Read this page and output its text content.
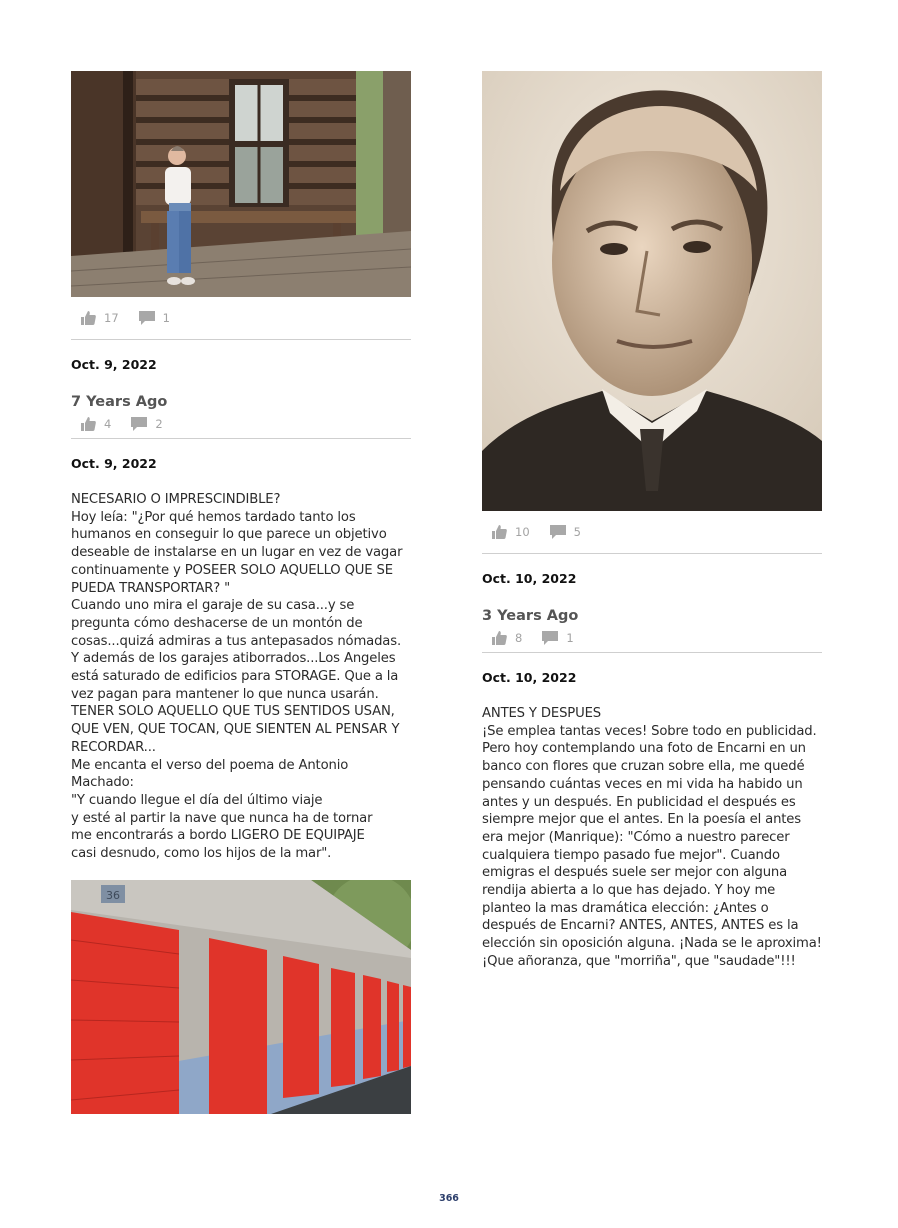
17	1
Oct. 9, 2022
7 Years Ago
4	2
Oct. 9, 2022
NECESARIO O IMPRESCINDIBLE?
Hoy leía: "¿Por qué hemos tardado tanto los humanos en conseguir lo que parece un objetivo deseable de instalarse en un lugar en vez de vagar continuamente y POSEER SOLO AQUELLO QUE SE PUEDA TRANSPORTAR? "
Cuando uno mira el garaje de su casa...y se pregunta cómo deshacerse de un montón de cosas...quizá admiras a tus antepasados nómadas. Y además de los garajes atiborrados...Los Angeles está saturado de edificios para STORAGE. Que a la vez pagan para mantener lo que nunca usarán. TENER SOLO AQUELLO QUE TUS SENTIDOS USAN, QUE VEN, QUE TOCAN, QUE SIENTEN AL PENSAR Y RECORDAR...
Me encanta el verso del poema de Antonio Machado:
"Y cuando llegue el día del último viaje
y esté al partir la nave que nunca ha de tornar
me encontrarás a bordo LIGERO DE EQUIPAJE
casi desnudo, como los hijos de la mar".
36
10	5
Oct. 10, 2022
3 Years Ago
8	1
Oct. 10, 2022
ANTES Y DESPUES
¡Se emplea tantas veces! Sobre todo en publicidad. Pero hoy contemplando una foto de Encarni en un banco con flores que cruzan sobre ella, me quedé pensando cuántas veces en mi vida ha habido un antes y un después. En publicidad el después es siempre mejor que el antes. En la poesía el antes era mejor (Manrique): "Cómo a nuestro parecer cualquiera tiempo pasado fue mejor". Cuando emigras el después suele ser mejor con alguna rendija abierta a lo que has dejado. Y hoy me planteo la mas dramática elección: ¿Antes o después de Encarni? ANTES, ANTES, ANTES es la elección sin oposición alguna. ¡Nada se le aproxima! ¡Que añoranza, que "morriña", que "saudade"!!!
366
